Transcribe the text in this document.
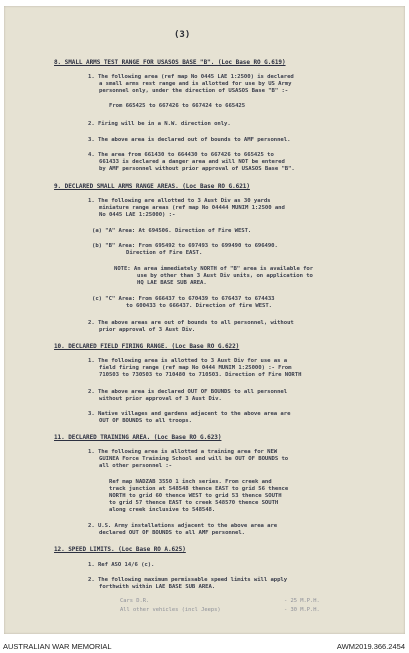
(3)
8. SMALL ARMS TEST RANGE FOR USASOS BASE "B". (Loc Base RO G.619)
1. The following area (ref map No 0445 LAE 1:2500) is declared
a small arms rest range and is allotted for use by US Army
personnel only, under the direction of USASOS Base "B" :-
From 665425 to 667426 to 667424 to 665425
2. Firing will be in a N.W. direction only.
3. The above area is declared out of bounds to AMF personnel.
4. The area from 661430 to 664430 to 667426 to 665425 to
661433 is declared a danger area and will NOT be entered
by AMF personnel without prior approval of USASOS Base "B".
9. DECLARED SMALL ARMS RANGE AREAS. (Loc Base RO G.621)
1. The following are allotted to 3 Aust Div as 30 yards
miniature range areas (ref map No 04444 MUNIM 1:2500 and
No 0445 LAE 1:25000) :-
(a) "A" Area: At 694506. Direction of Fire WEST.
(b) "B" Area: From 695492 to 697493 to 699490 to 696490.
Direction of Fire EAST.
NOTE: An area immediately NORTH of "B" area is available for
use by other than 3 Aust Div units, on application to
HQ LAE BASE SUB AREA.
(c) "C" Area: From 666437 to 670439 to 676437 to 674433
to 600433 to 666437. Direction of fire WEST.
2. The above areas are out of bounds to all personnel, without
prior approval of 3 Aust Div.
10. DECLARED FIELD FIRING RANGE. (Loc Base RO G.622)
1. The following area is allotted to 3 Aust Div for use as a
field firing range (ref map No 0444 MUNIM 1:25000) :- From
710503 to 730503 to 710480 to 710503. Direction of Fire NORTH
2. The above area is declared OUT OF BOUNDS to all personnel
without prior approval of 3 Aust Div.
3. Native villages and gardens adjacent to the above area are
OUT OF BOUNDS to all troops.
11. DECLARED TRAINING AREA. (Loc Base RO G.623)
1. The following area is allotted a training area for NEW
GUINEA Force Training School and will be OUT OF BOUNDS to
all other personnel :-
Ref map NADZAB 3550 1 inch series. From creek and
track junction at 548548 thence EAST to grid 56 thence
NORTH to grid 60 thence WEST to grid 53 thence SOUTH
to grid 57 thence EAST to creek 548570 thence SOUTH
along creek inclusive to 548548.
2. U.S. Army installations adjacent to the above area are
declared OUT OF BOUNDS to all AMF personnel.
12. SPEED LIMITS. (Loc Base RO A.625)
1. Ref ASO 14/6 (c).
2. The following maximum permissable speed limits will apply
forthwith within LAE BASE SUB AREA.
Cars D.R.
All other vehicles (incl Jeeps)
- 25 M.P.H.
- 30 M.P.H.
AUSTRALIAN WAR MEMORIAL	AWM2019.366.2454
